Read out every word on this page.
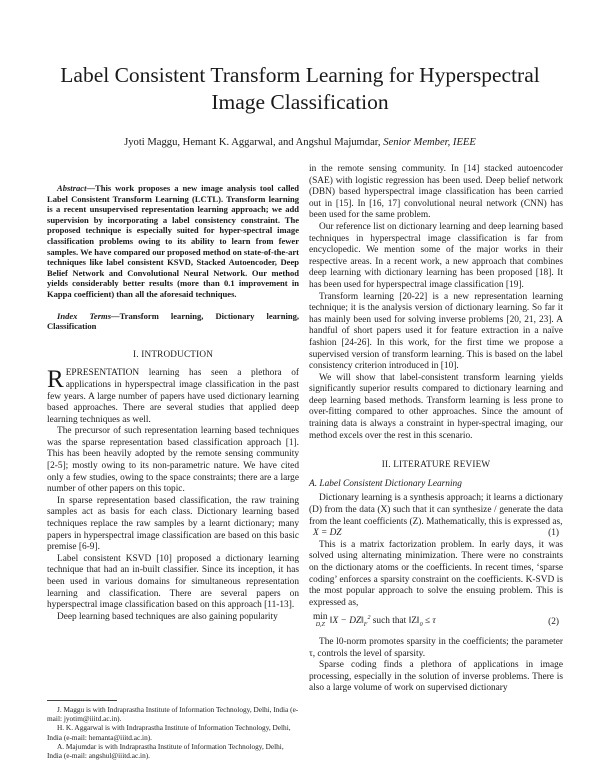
Label Consistent Transform Learning for Hyperspectral Image Classification

Jyoti Maggu, Hemant K. Aggarwal, and Angshul Majumdar, Senior Member, IEEE

Abstract—This work proposes a new image analysis tool called Label Consistent Transform Learning (LCTL). Transform learning is a recent unsupervised representation learning approach; we add supervision by incorporating a label consistency constraint. The proposed technique is especially suited for hyper-spectral image classification problems owing to its ability to learn from fewer samples. We have compared our proposed method on state-of-the-art techniques like label consistent KSVD, Stacked Autoencoder, Deep Belief Network and Convolutional Neural Network. Our method yields considerably better results (more than 0.1 improvement in Kappa coefficient) than all the aforesaid techniques.

Index Terms—Transform learning, Dictionary learning, Classification

I. INTRODUCTION

REPRESENTATION learning has seen a plethora of applications in hyperspectral image classification in the past few years. A large number of papers have used dictionary learning based approaches. There are several studies that applied deep learning techniques as well.

The precursor of such representation learning based techniques was the sparse representation based classification approach [1]. This has been heavily adopted by the remote sensing community [2-5]; mostly owing to its non-parametric nature. We have cited only a few studies, owing to the space constraints; there are a large number of other papers on this topic.

In sparse representation based classification, the raw training samples act as basis for each class. Dictionary learning based techniques replace the raw samples by a learnt dictionary; many papers in hyperspectral image classification are based on this basic premise [6-9].

Label consistent KSVD [10] proposed a dictionary learning technique that had an in-built classifier. Since its inception, it has been used in various domains for simultaneous representation learning and classification. There are several papers on hyperspectral image classification based on this approach [11-13].

Deep learning based techniques are also gaining popularity

in the remote sensing community. In [14] stacked autoencoder (SAE) with logistic regression has been used. Deep belief network (DBN) based hyperspectral image classification has been carried out in [15]. In [16, 17] convolutional neural network (CNN) has been used for the same problem.

Our reference list on dictionary learning and deep learning based techniques in hyperspectral image classification is far from encyclopedic. We mention some of the major works in their respective areas. In a recent work, a new approach that combines deep learning with dictionary learning has been proposed [18]. It has been used for hyperspectral image classification [19].

Transform learning [20-22] is a new representation learning technique; it is the analysis version of dictionary learning. So far it has mainly been used for solving inverse problems [20, 21, 23]. A handful of short papers used it for feature extraction in a naïve fashion [24-26]. In this work, for the first time we propose a supervised version of transform learning. This is based on the label consistency criterion introduced in [10].

We will show that label-consistent transform learning yields significantly superior results compared to dictionary learning and deep learning based methods. Transform learning is less prone to over-fitting compared to other approaches. Since the amount of training data is always a constraint in hyper-spectral imaging, our method excels over the rest in this scenario.

II. LITERATURE REVIEW
A. Label Consistent Dictionary Learning

Dictionary learning is a synthesis approach; it learns a dictionary (D) from the data (X) such that it can synthesize / generate the data from the leant coefficients (Z). Mathematically, this is expressed as,

X = DZ	(1)

This is a matrix factorization problem. In early days, it was solved using alternating minimization. There were no constraints on the dictionary atoms or the coefficients. In recent times, ‘sparse coding’ enforces a sparsity constraint on the coefficients. K-SVD is the most popular approach to solve the ensuing problem. This is expressed as,

min
D,Z ‖X − $DZ‖_F^2$ such that $‖Z‖_0 \le \tau$	(2)

The l0-norm promotes sparsity in the coefficients; the parameter τ, controls the level of sparsity.

Sparse coding finds a plethora of applications in image processing, especially in the solution of inverse problems. There is also a large volume of work on supervised dictionary

J. Maggu is with Indraprastha Institute of Information Technology, Delhi, India (e-mail: jyotim@iiitd.ac.in).

H. K. Aggarwal is with Indraprastha Institute of Information Technology, Delhi, India (e-mail: hemanta@iiitd.ac.in).

A. Majumdar is with Indraprastha Institute of Information Technology, Delhi, India (e-mail: angshul@iiitd.ac.in).
